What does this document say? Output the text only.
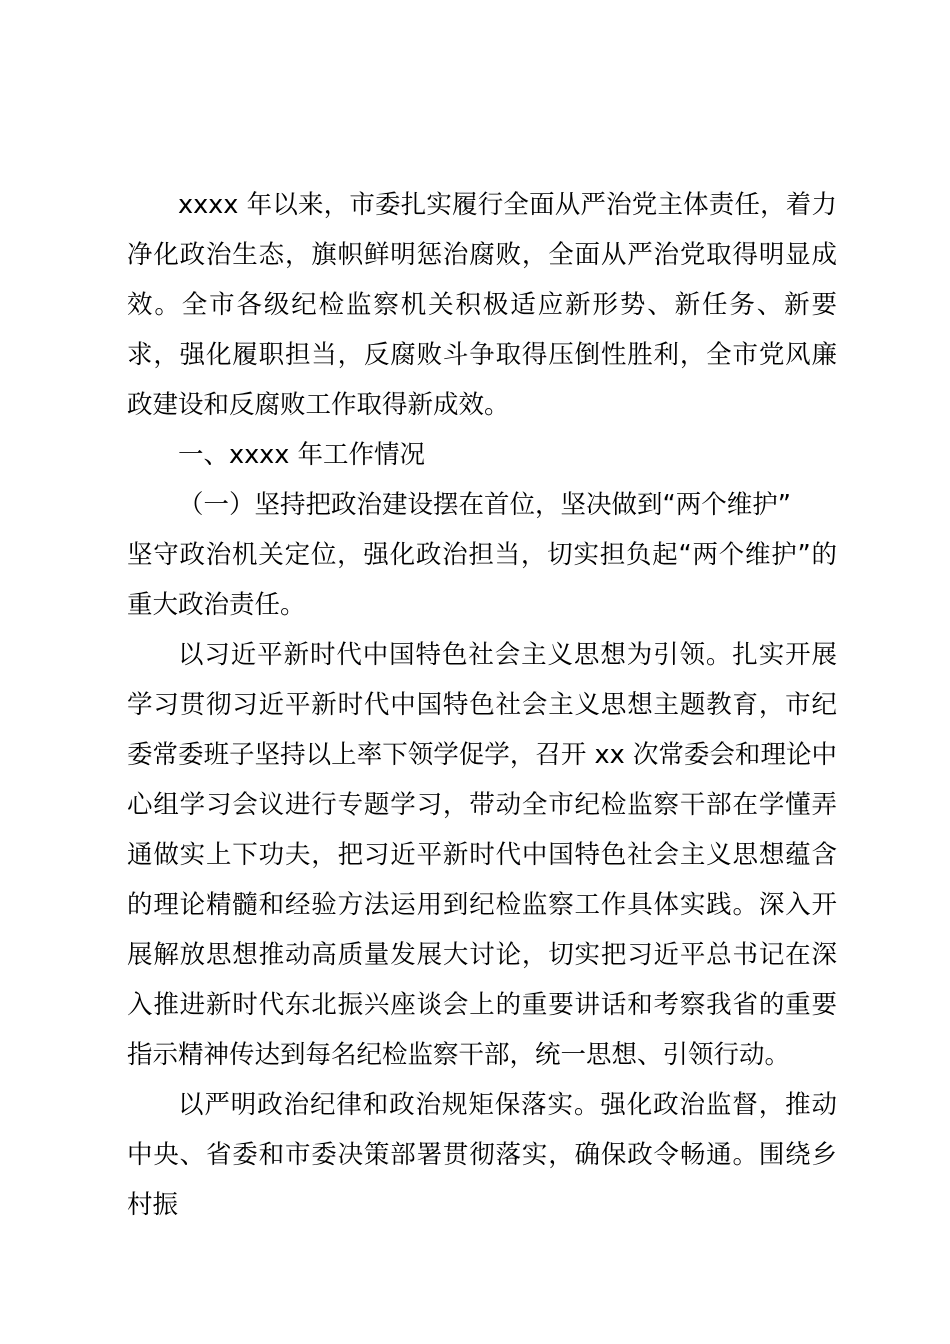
xxxx 年以来，市委扎实履行全面从严治党主体责任，着力净化政治生态，旗帜鲜明惩治腐败，全面从严治党取得明显成效。全市各级纪检监察机关积极适应新形势、新任务、新要求，强化履职担当，反腐败斗争取得压倒性胜利，全市党风廉政建设和反腐败工作取得新成效。

一、xxxx 年工作情况

（一）坚持把政治建设摆在首位，坚决做到“两个维护”

坚守政治机关定位，强化政治担当，切实担负起“两个维护”的重大政治责任。

以习近平新时代中国特色社会主义思想为引领。扎实开展学习贯彻习近平新时代中国特色社会主义思想主题教育，市纪委常委班子坚持以上率下领学促学，召开 xx 次常委会和理论中心组学习会议进行专题学习，带动全市纪检监察干部在学懂弄通做实上下功夫，把习近平新时代中国特色社会主义思想蕴含的理论精髓和经验方法运用到纪检监察工作具体实践。深入开展解放思想推动高质量发展大讨论，切实把习近平总书记在深入推进新时代东北振兴座谈会上的重要讲话和考察我省的重要指示精神传达到每名纪检监察干部，统一思想、引领行动。

以严明政治纪律和政治规矩保落实。强化政治监督，推动中央、省委和市委决策部署贯彻落实，确保政令畅通。围绕乡村振
